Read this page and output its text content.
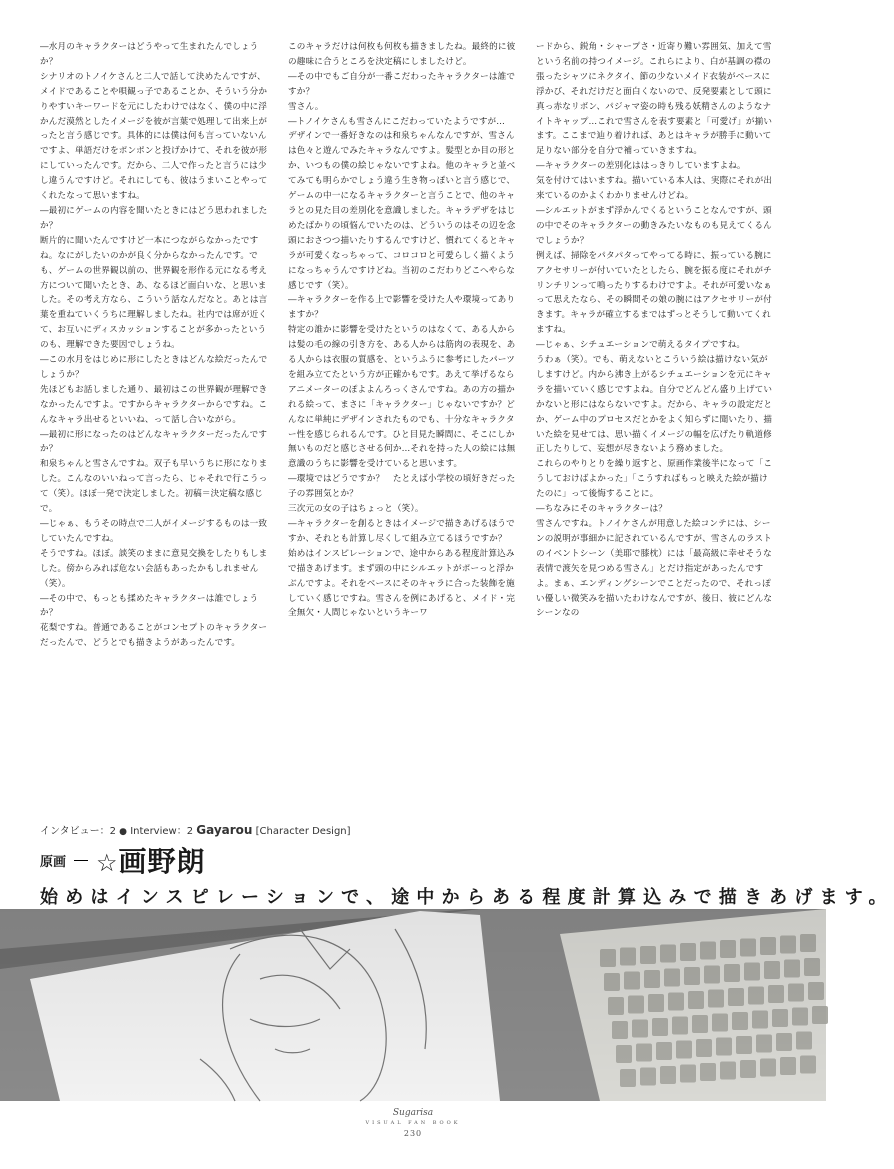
―水月のキャラクターはどうやって生まれたんでしょうか？

シナリオのトノイケさんと二人で話して決めたんですが、メイドであることや唄観っ子であることか、そういう分かりやすいキーワードを元にしたわけではなく、僕の中に浮かんだ漠然としたイメージを彼が言葉で処理して出来上がったと言う感じです。具体的には僕は何も言っていないんですよ、単語だけをポンポンと投げかけて、それを彼が形にしていったんです。だから、二人で作ったと言うには少し違うんですけど。それにしても、彼はうまいことやってくれたなって思いますね。

―最初にゲームの内容を聞いたときにはどう思われましたか？

断片的に聞いたんですけど一本につながらなかったですね。なにがしたいのかが良く分からなかったんです。でも、ゲームの世界観以前の、世界観を形作る元になる考え方について聞いたとき、あ、なるほど面白いな、と思いました。その考え方なら、こういう話なんだなと。あとは言葉を重ねていくうちに理解しましたね。社内では席が近くて、お互いにディスカッションすることが多かったというのも、理解できた要因でしょうね。

―この水月をはじめに形にしたときはどんな絵だったんでしょうか？

先ほどもお話しました通り、最初はこの世界観が理解できなかったんですよ。ですからキャラクターからですね。こんなキャラ出せるといいね、って話し合いながら。

―最初に形になったのはどんなキャラクターだったんですか？

和泉ちゃんと雪さんですね。双子も早いうちに形になりました。こんなのいいねって言ったら、じゃそれで行こうって（笑）。ほぼ一発で決定しました。初稿＝決定稿な感じで。

―じゃぁ、もうその時点で二人がイメージするものは一致していたんですね。

そうですね。ほぼ。談笑のままに意見交換をしたりもしました。傍からみれば危ない会話もあったかもしれません（笑）。

―その中で、もっとも揉めたキャラクターは誰でしょうか？

花梨ですね。普通であることがコンセプトのキャラクターだったんで、どうとでも描きようがあったんです。

このキャラだけは何枚も何枚も描きましたね。最終的に彼の趣味に合うところを決定稿にしましたけど。

―その中でもご自分が一番こだわったキャラクターは誰ですか？

雪さん。

―トノイケさんも雪さんにこだわっていたようですが…

デザインで一番好きなのは和泉ちゃんなんですが、雪さんは色々と遊んでみたキャラなんですよ。髪型とか目の形とか、いつもの僕の絵じゃないですよね。他のキャラと並べてみても明らかでしょう違う生き物っぽいと言う感じで、ゲームの中一になるキャラクターと言うことで、他のキャラとの見た目の差別化を意識しました。キャラデザをはじめたばかりの頃悩んでいたのは、どういうのはその辺を念頭におさつつ描いたりするんですけど、慣れてくるとキャラが可愛くなっちゃって、コロコロと可愛らしく描くようになっちゃうんですけどね。当初のこだわりどこへやらな感じです（笑）。

―キャラクターを作る上で影響を受けた人や環境ってありますか？

特定の誰かに影響を受けたというのはなくて、ある人からは髪の毛の線の引き方を、ある人からは筋肉の表現を、ある人からは衣服の質感を、というふうに参考にしたパーツを組み立てたという方が正確かもです。あえて挙げるならアニメーターのぽよよんろっくさんですね。あの方の描かれる絵って、まさに「キャラクター」じゃないですか？どんなに単純にデザインされたものでも、十分なキャラクター性を感じられるんです。ひと目見た瞬間に、そこにしか無いものだと感じさせる何か…それを持った人の絵には無意識のうちに影響を受けていると思います。

―環境ではどうですか？　たとえば小学校の頃好きだった子の雰囲気とか？

三次元の女の子はちょっと（笑）。

―キャラクターを創るときはイメージで描きあげるほうですか、それとも計算し尽くして組み立てるほうですか？

始めはインスピレーションで、途中からある程度計算込みで描きあげます。まず頭の中にシルエットがポーっと浮かぶんですよ。それをベースにそのキャラに合った装飾を施していく感じですね。雪さんを例にあげると、メイド・完全無欠・人間じゃないというキーワ

ードから、鋭角・シャープさ・近寄り難い雰囲気、加えて雪という名前の持つイメージ。これらにより、白が基調の襟の張ったシャツにネクタイ、節の少ないメイド衣装がベースに浮かび、それだけだと面白くないので、反発要素として頭に真っ赤なリボン、パジャマ姿の時も残る妖精さんのようなナイトキャップ…これで雪さんを表す要素と「可愛げ」が揃います。ここまで辿り着ければ、あとはキャラが勝手に動いて足りない部分を自分で補っていきますね。

―キャラクターの差別化ははっきりしていますよね。

気を付けてはいますね。描いている本人は、実際にそれが出来ているのかよくわかりませんけどね。

―シルエットがまず浮かんでくるということなんですが、頭の中でそのキャラクターの動きみたいなものも見えてくるんでしょうか？

例えば、掃除をパタパタってやってる時に、振っている腕にアクセサリーが付いていたとしたら、腕を振る度にそれがチリンチリンって鳴ったりするわけですよ。それが可愛いなぁって思えたなら、その瞬間その娘の腕にはアクセサリーが付きます。キャラが確立するまではずっとそうして動いてくれますね。

―じゃぁ、シチュエーションで萌えるタイプですね。

うわぁ（笑）。でも、萌えないとこういう絵は描けない気がしますけど。内から沸き上がるシチュエーションを元にキャラを描いていく感じですよね。自分でどんどん盛り上げていかないと形にはならないですよ。だから、キャラの設定だとか、ゲーム中のプロセスだとかをよく知らずに聞いたり、描いた絵を見せては、思い描くイメージの幅を広げたり軌道修正したりして、妄想が尽きないよう務めました。

これらのやりとりを繰り返すと、原画作業後半になって「こうしておけばよかった」「こうすればもっと映えた絵が描けたのに」って後悔することに。

―ちなみにそのキャラクターは？

雪さんですね。トノイケさんが用意した絵コンテには、シーンの説明が事細かに記されているんですが、雪さんのラストのイベントシーン（美耶で膝枕）には「最高級に幸せそうな表情で渡矢を見つめる雪さん」とだけ指定があったんですよ。まぁ、エンディングシーンでことだったので、それっぽい優しい微笑みを描いたわけなんですが、後日、彼にどんなシーンなの

インタビュー：2 ● Interview：2 Gayarou [Character Design]
原画 ☆画野朗
始めはインスピレーションで、途中からある程度計算込みで描きあげます。
Sugarisa
VISUAL FAN BOOK
230
